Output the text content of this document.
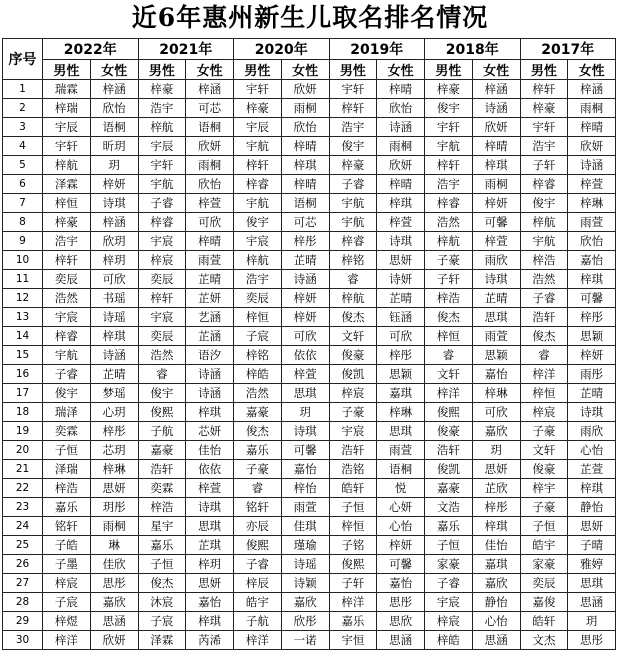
近6年惠州新生儿取名排名情况
序号	2022年		2021年		2020年		2019年		2018年		2017年	
	男性	女性	男性	女性	男性	女性	男性	女性	男性	女性	男性	女性
1	瑞霖	梓涵	梓豪	梓涵	宇轩	欣妍	宇轩	梓晴	梓豪	梓涵	梓轩	梓涵
2	梓瑞	欣怡	浩宇	可芯	梓豪	雨桐	梓轩	欣怡	俊宇	诗涵	梓豪	雨桐
3	宇辰	语桐	梓航	语桐	宇辰	欣怡	浩宇	诗涵	宇轩	欣妍	宇轩	梓晴
4	宇轩	昕玥	宇辰	欣妍	宇航	梓晴	俊宇	雨桐	宇航	梓晴	浩宇	欣妍
5	梓航	玥	宇轩	雨桐	梓轩	梓琪	梓豪	欣妍	梓轩	梓琪	子轩	诗涵
6	泽霖	梓妍	宇航	欣怡	梓睿	梓晴	子睿	梓晴	浩宇	雨桐	梓睿	梓萱
7	梓恒	诗琪	子睿	梓萱	宇航	语桐	宇航	梓琪	梓睿	梓妍	俊宇	梓琳
8	梓豪	梓涵	梓睿	可欣	俊宇	可芯	宇航	梓萱	浩然	可馨	梓航	雨萱
9	浩宇	欣玥	宇宸	梓晴	宇宸	梓彤	梓睿	诗琪	梓航	梓萱	宇航	欣怡
10	梓轩	梓玥	梓宸	雨萱	梓航	芷晴	梓铭	思妍	子豪	雨欣	梓浩	嘉怡
11	奕辰	可欣	奕辰	芷晴	浩宇	诗涵	睿	诗妍	子轩	诗琪	浩然	梓琪
12	浩然	书瑶	梓轩	芷妍	奕辰	梓妍	梓航	芷晴	梓浩	芷晴	子睿	可馨
13	宇宸	诗瑶	宇宸	艺涵	梓恒	梓妍	俊杰	钰涵	俊杰	思琪	浩轩	梓彤
14	梓睿	梓琪	奕辰	芷涵	子宸	可欣	文轩	可欣	梓恒	雨萱	俊杰	思颖
15	宇航	诗涵	浩然	语汐	梓铭	依依	俊豪	梓彤	睿	思颖	睿	梓妍
16	子睿	芷晴	睿	诗涵	梓皓	梓萱	俊凯	思颖	文轩	嘉怡	梓洋	雨彤
17	俊宇	梦瑶	俊宇	诗涵	浩然	思琪	梓宸	嘉琪	梓洋	梓琳	梓恒	芷晴
18	瑞泽	心玥	俊熙	梓琪	嘉豪	玥	子豪	梓琳	俊熙	可欣	梓宸	诗琪
19	奕霖	梓彤	子航	芯妍	俊杰	诗琪	宇宸	思琪	俊豪	嘉欣	子豪	雨欣
20	子恒	芯玥	嘉豪	佳怡	嘉乐	可馨	浩轩	雨萱	浩轩	玥	文轩	心怡
21	泽瑞	梓琳	浩轩	依依	子豪	嘉怡	浩铭	语桐	俊凯	思妍	俊豪	芷萱
22	梓浩	思妍	奕霖	梓萱	睿	梓怡	皓轩	悦	嘉豪	芷欣	梓宇	梓琪
23	嘉乐	玥彤	梓浩	诗琪	铭轩	雨萱	子恒	心妍	文浩	梓彤	子豪	静怡
24	铭轩	雨桐	星宇	思琪	亦辰	佳琪	梓恒	心怡	嘉乐	梓琪	子恒	思妍
25	子皓	琳	嘉乐	芷琪	俊熙	瑾瑜	子铭	梓妍	子恒	佳怡	皓宇	子晴
26	子墨	佳欣	子恒	梓玥	子睿	诗瑶	俊熙	可馨	家豪	嘉琪	家豪	雅婷
27	梓宸	思彤	俊杰	思妍	梓辰	诗颖	子轩	嘉怡	子睿	嘉欣	奕辰	思琪
28	子宸	嘉欣	沐宸	嘉怡	皓宇	嘉欣	梓洋	思彤	宇宸	静怡	嘉俊	思涵
29	梓煜	思涵	子宸	梓琪	子航	欣彤	嘉乐	思欣	梓宸	心怡	皓轩	玥
30	梓洋	欣妍	泽霖	芮浠	梓洋	一诺	宇恒	思涵	梓皓	思涵	文杰	思彤
